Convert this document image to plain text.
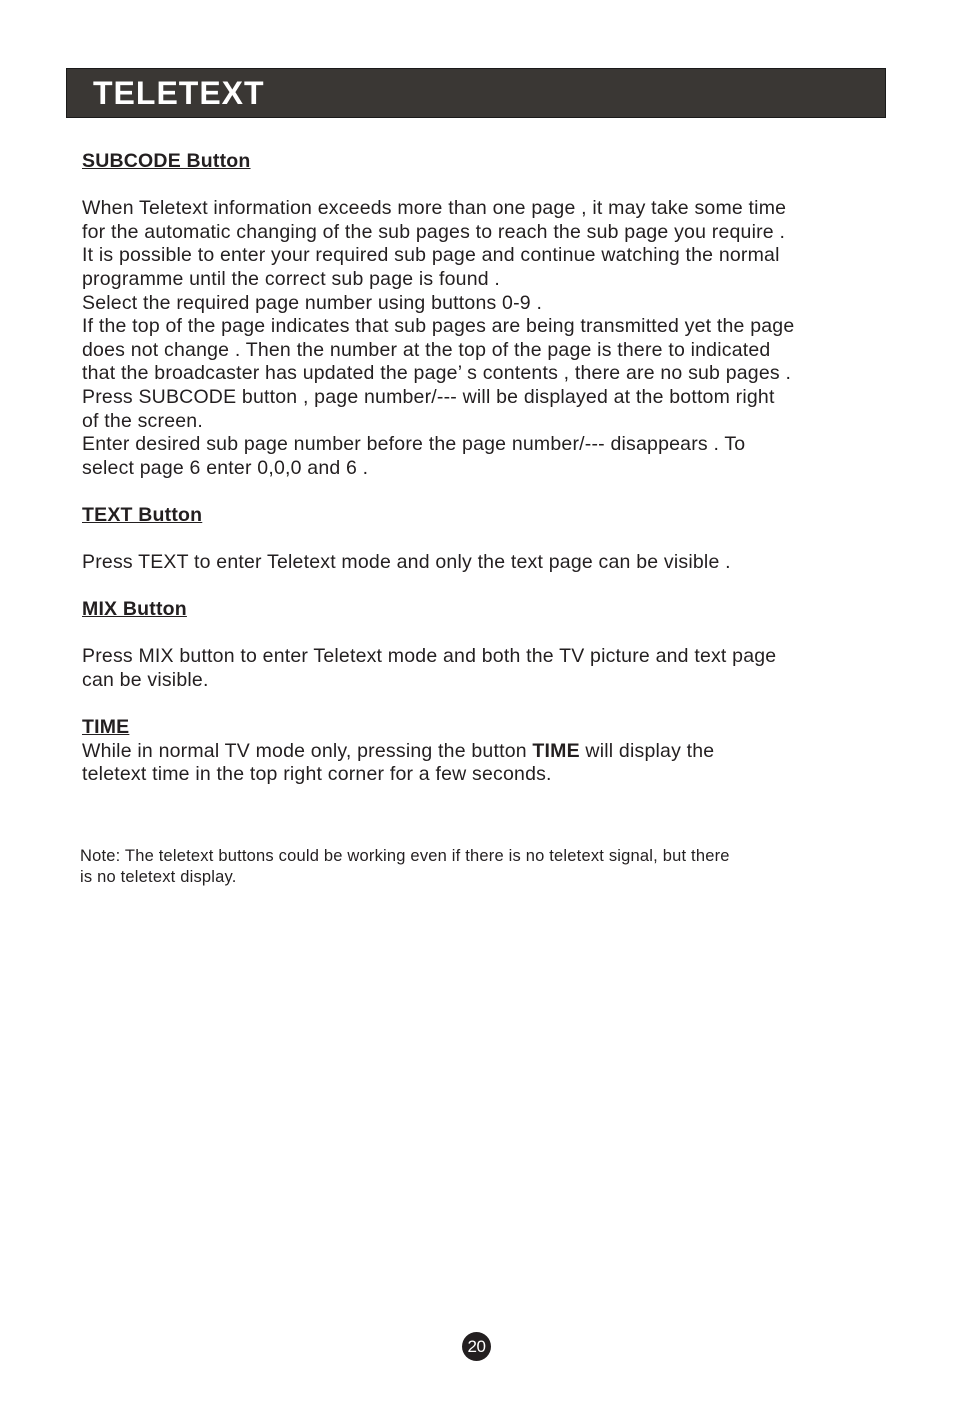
TELETEXT
SUBCODE Button
When Teletext information exceeds more than one page , it may take some time
for the automatic changing of the sub pages to reach the sub page you require .
It is possible to enter your required sub page and continue watching the normal
programme until the correct sub page is found .
Select the required page number using buttons 0-9 .
If the top of the page indicates that sub pages are being transmitted yet the page
does not change . Then the number at the top of the page is there to indicated
that the broadcaster has updated the page’ s contents , there are no sub pages .
Press SUBCODE button , page number/--- will be displayed at the bottom right
of the screen.
Enter desired sub page number before the page number/--- disappears . To
select page 6 enter 0,0,0 and 6 .
TEXT Button
Press TEXT to enter Teletext mode and only the text page can be visible .
MIX Button
Press MIX button to enter Teletext mode and both the TV picture and text page
can be visible.
TIME
While in normal TV mode only, pressing the button TIME will display the
teletext time in the top right corner for a few seconds.
Note: The teletext buttons could be working even if there is no teletext signal, but there
is no teletext display.
20
